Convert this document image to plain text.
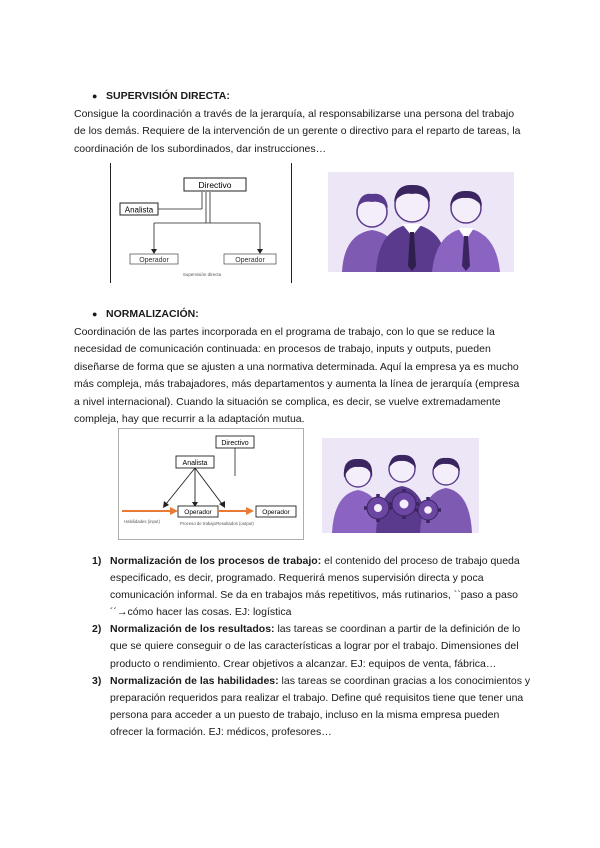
● SUPERVISIÓN DIRECTA:
Consigue la coordinación a través de la jerarquía, al responsabilizarse una persona del trabajo de los demás. Requiere de la intervención de un gerente o directivo para el reparto de tareas, la coordinación de los subordinados, dar instrucciones…
Directivo
Analista
Operador	Operador
Supervisión directa
● NORMALIZACIÓN:
Coordinación de las partes incorporada en el programa de trabajo, con lo que se reduce la necesidad de comunicación continuada: en procesos de trabajo, inputs y outputs, pueden diseñarse de forma que se ajusten a una normativa determinada. Aquí la empresa ya es mucho más compleja, más trabajadores, más departamentos y aumenta la línea de jerarquía (empresa a nivel internacional). Cuando la situación se complica, es decir, se vuelve extremadamente compleja, hay que recurrir a la adaptación mutua.
Directivo
Analista
Operador	Operador
Habilidades (input)	Proceso de trabajo Resultados (output)
1) Normalización de los procesos de trabajo: el contenido del proceso de trabajo queda especificado, es decir, programado. Requerirá menos supervisión directa y poca comunicación informal. Se da en trabajos más repetitivos, más rutinarios, ``paso a paso´´→cómo hacer las cosas. EJ: logística
2) Normalización de los resultados: las tareas se coordinan a partir de la definición de lo que se quiere conseguir o de las características a lograr por el trabajo. Dimensiones del producto o rendimiento. Crear objetivos a alcanzar. EJ: equipos de venta, fábrica…
3) Normalización de las habilidades: las tareas se coordinan gracias a los conocimientos y preparación requeridos para realizar el trabajo. Define qué requisitos tiene que tener una persona para acceder a un puesto de trabajo, incluso en la misma empresa pueden ofrecer la formación. EJ: médicos, profesores…
